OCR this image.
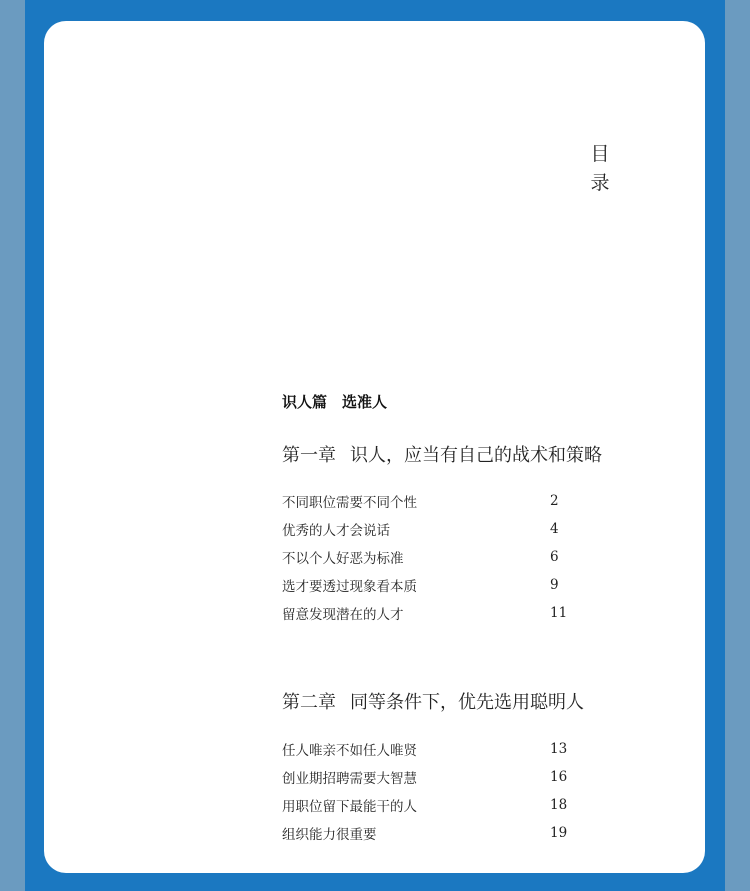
目
录
识人篇　选准人
第一章 识人，应当有自己的战术和策略
不同职位需要不同个性	2
优秀的人才会说话	4
不以个人好恶为标准	6
选才要透过现象看本质	9
留意发现潜在的人才	11
第二章 同等条件下，优先选用聪明人
任人唯亲不如任人唯贤	13
创业期招聘需要大智慧	16
用职位留下最能干的人	18
组织能力很重要	19
